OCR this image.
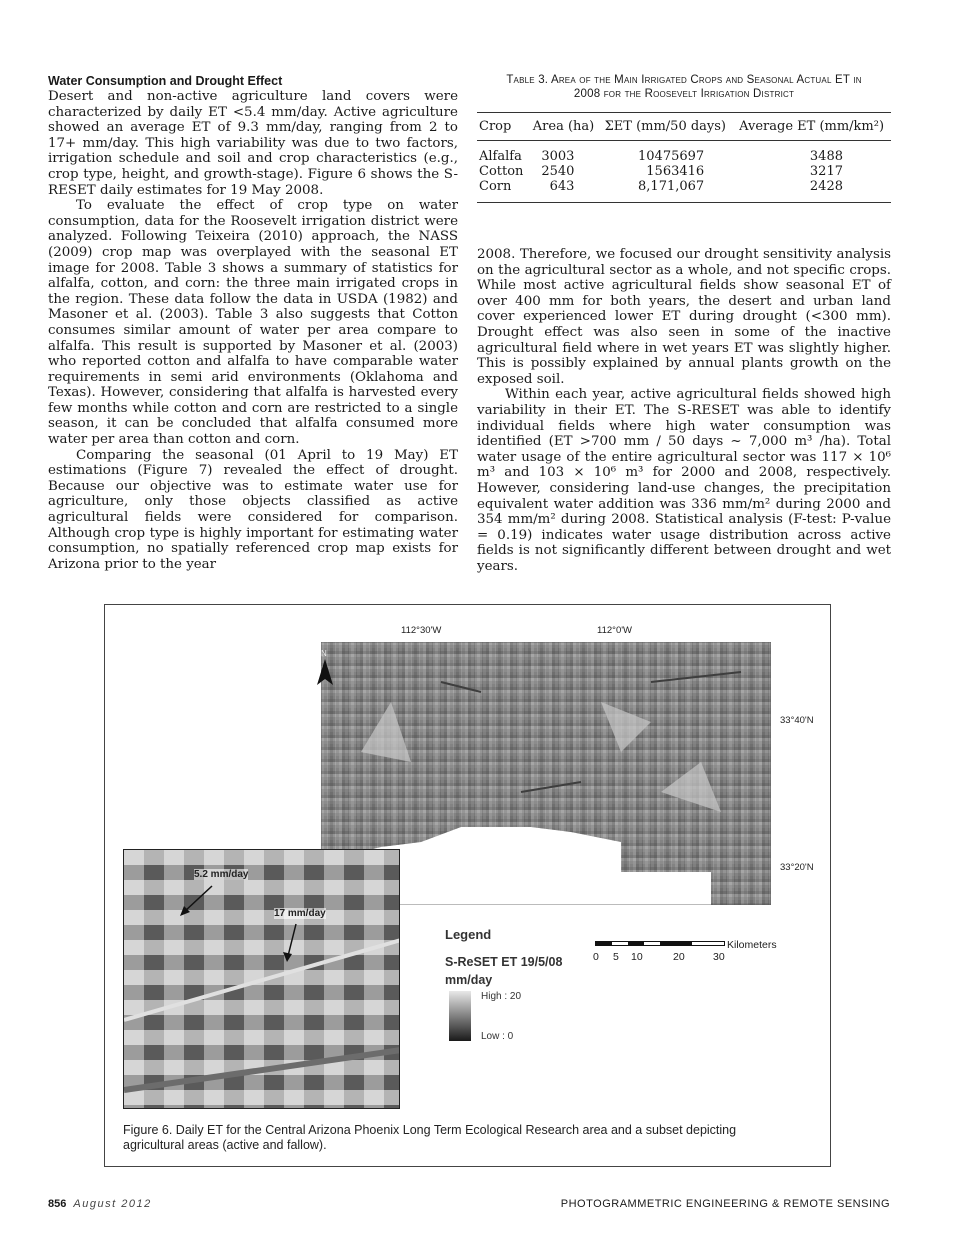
Water Consumption and Drought Effect

Desert and non-active agriculture land covers were characterized by daily ET <5.4 mm/day. Active agriculture showed an average ET of 9.3 mm/day, ranging from 2 to 17+ mm/day. This high variability was due to two factors, irrigation schedule and soil and crop characteristics (e.g., crop type, height, and growth-stage). Figure 6 shows the S-RESET daily estimates for 19 May 2008.

To evaluate the effect of crop type on water consumption, data for the Roosevelt irrigation district were analyzed. Following Teixeira (2010) approach, the NASS (2009) crop map was overplayed with the seasonal ET image for 2008. Table 3 shows a summary of statistics for alfalfa, cotton, and corn: the three main irrigated crops in the region. These data follow the data in USDA (1982) and Masoner et al. (2003). Table 3 also suggests that Cotton consumes similar amount of water per area compare to alfalfa. This result is supported by Masoner et al. (2003) who reported cotton and alfalfa to have comparable water requirements in semi arid environments (Oklahoma and Texas). However, considering that alfalfa is harvested every few months while cotton and corn are restricted to a single season, it can be concluded that alfalfa consumed more water per area than cotton and corn.

Comparing the seasonal (01 April to 19 May) ET estimations (Figure 7) revealed the effect of drought. Because our objective was to estimate water use for agriculture, only those objects classified as active agricultural fields were considered for comparison. Although crop type is highly important for estimating water consumption, no spatially referenced crop map exists for Arizona prior to the year

Table 3. Area of the Main Irrigated Crops and Seasonal Actual ET in
2008 for the Roosevelt Irrigation District
Crop	Area (ha)	ΣET (mm/50 days)	Average ET (mm/km²)
Alfalfa	3003	10475697	3488
Cotton	2540	1563416	3217
Corn	643	8,171,067	2428

2008. Therefore, we focused our drought sensitivity analysis on the agricultural sector as a whole, and not specific crops. While most active agricultural fields show seasonal ET of over 400 mm for both years, the desert and urban land cover experienced lower ET during drought (<300 mm). Drought effect was also seen in some of the inactive agricultural field where in wet years ET was slightly higher. This is possibly explained by annual plants growth on the exposed soil.

Within each year, active agricultural fields showed high variability in their ET. The S-RESET was able to identify individual fields where high water consumption was identified (ET >700 mm / 50 days ~ 7,000 m³ /ha). Total water usage of the entire agricultural sector was 117 × 10⁶ m³ and 103 × 10⁶ m³ for 2000 and 2008, respectively. However, considering land-use changes, the precipitation equivalent water addition was 336 mm/m² during 2000 and 354 mm/m² during 2008. Statistical analysis (F-test: P-value = 0.19) indicates water usage distribution across active fields is not significantly different between drought and wet years.

112°30'W	112°0'W
33°40'N
33°20'N
N
5.2 mm/day
17 mm/day
Legend
S-ReSET ET 19/5/08
mm/day
High : 20
Low : 0
Kilometers
0 5 10	20	30
Figure 6. Daily ET for the Central Arizona Phoenix Long Term Ecological Research area and a subset depicting agricultural areas (active and fallow).
856 August 2012	PHOTOGRAMMETRIC ENGINEERING & REMOTE SENSING
